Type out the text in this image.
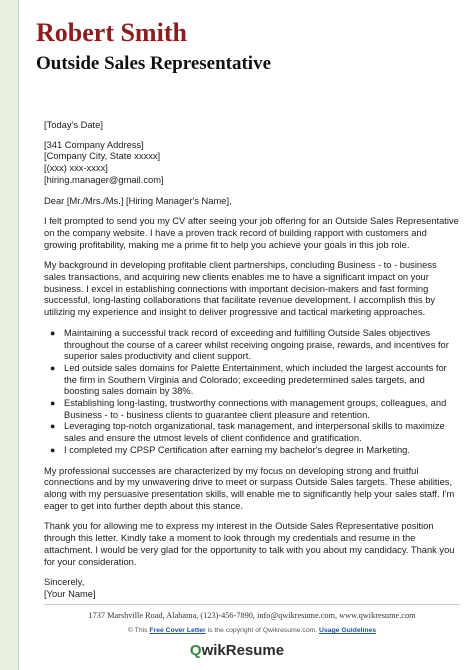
Robert Smith
Outside Sales Representative

[Today's Date]

[341 Company Address]
[Company City, State xxxxx]
[(xxx) xxx-xxxx]
[hiring.manager@gmail.com]

Dear [Mr./Mrs./Ms.] [Hiring Manager's Name],

I felt prompted to send you my CV after seeing your job offering for an Outside Sales Representative on the company website. I have a proven track record of building rapport with customers and growing profitability, making me a prime fit to help you achieve your goals in this job role.

My background in developing profitable client partnerships, concluding Business - to - business sales transactions, and acquiring new clients enables me to have a significant impact on your business. I excel in establishing connections with important decision-makers and fast forming successful, long-lasting collaborations that facilitate revenue development. I accomplish this by utilizing my experience and insight to deliver progressive and tactical marketing approaches.

● Maintaining a successful track record of exceeding and fulfilling Outside Sales objectives throughout the course of a career whilst receiving ongoing praise, rewards, and incentives for superior sales productivity and client support.
● Led outside sales domains for Palette Entertainment, which included the largest accounts for the firm in Southern Virginia and Colorado; exceeding predetermined sales targets, and boosting sales domain by 38%.
● Establishing long-lasting, trustworthy connections with management groups, colleagues, and Business - to - business clients to guarantee client pleasure and retention.
● Leveraging top-notch organizational, task management, and interpersonal skills to maximize sales and ensure the utmost levels of client confidence and gratification.
● I completed my CPSP Certification after earning my bachelor's degree in Marketing.

My professional successes are characterized by my focus on developing strong and fruitful connections and by my unwavering drive to meet or surpass Outside Sales targets. These abilities, along with my persuasive presentation skills, will enable me to significantly help your sales staff. I'm eager to get into further depth about this stance.

Thank you for allowing me to express my interest in the Outside Sales Representative position through this letter. Kindly take a moment to look through my credentials and resume in the attachment. I would be very glad for the opportunity to talk with you about my candidacy. Thank you for your consideration.

Sincerely,

[Your Name]

1737 Marshville Road, Alabama, (123)-456-7890, info@qwikresume.com, www.qwikresume.com
© This Free Cover Letter is the copyright of Qwikresume.com. Usage Guidelines
QwikResume
